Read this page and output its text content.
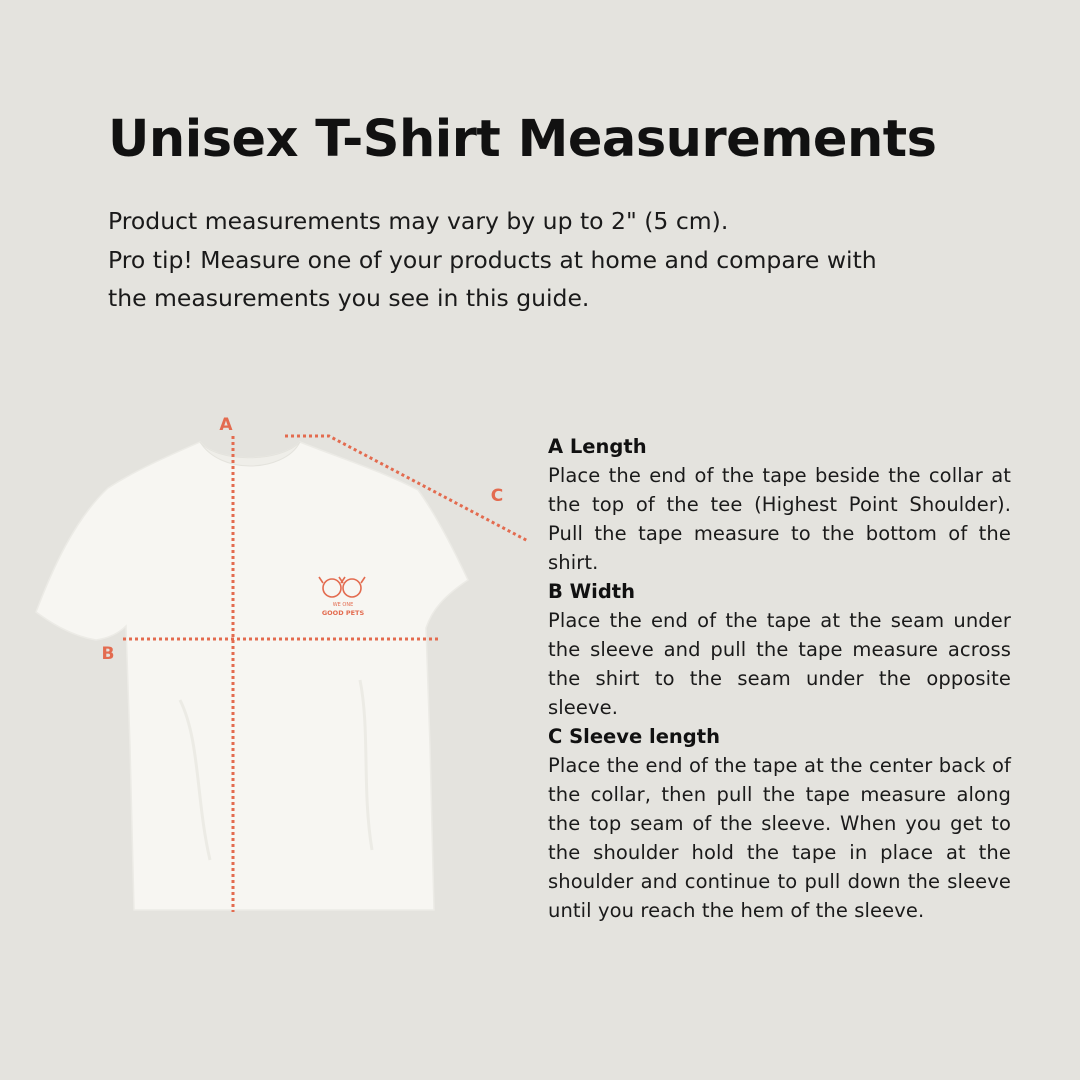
Unisex T-Shirt Measurements
Product measurements may vary by up to 2" (5 cm).
Pro tip! Measure one of your products at home and compare with
the measurements you see in this guide.
WE ONE
GOOD PETS
A
B
C
A Length

Place the end of the tape beside the collar at the top of the tee (Highest Point Shoulder). Pull the tape measure to the bottom of the shirt.

B Width

Place the end of the tape at the seam under the sleeve and pull the tape measure across the shirt to the seam under the opposite sleeve.

C Sleeve length

Place the end of the tape at the center back of the collar, then pull the tape measure along the top seam of the sleeve. When you get to the shoulder hold the tape in place at the shoulder and continue to pull down the sleeve until you reach the hem of the sleeve.
